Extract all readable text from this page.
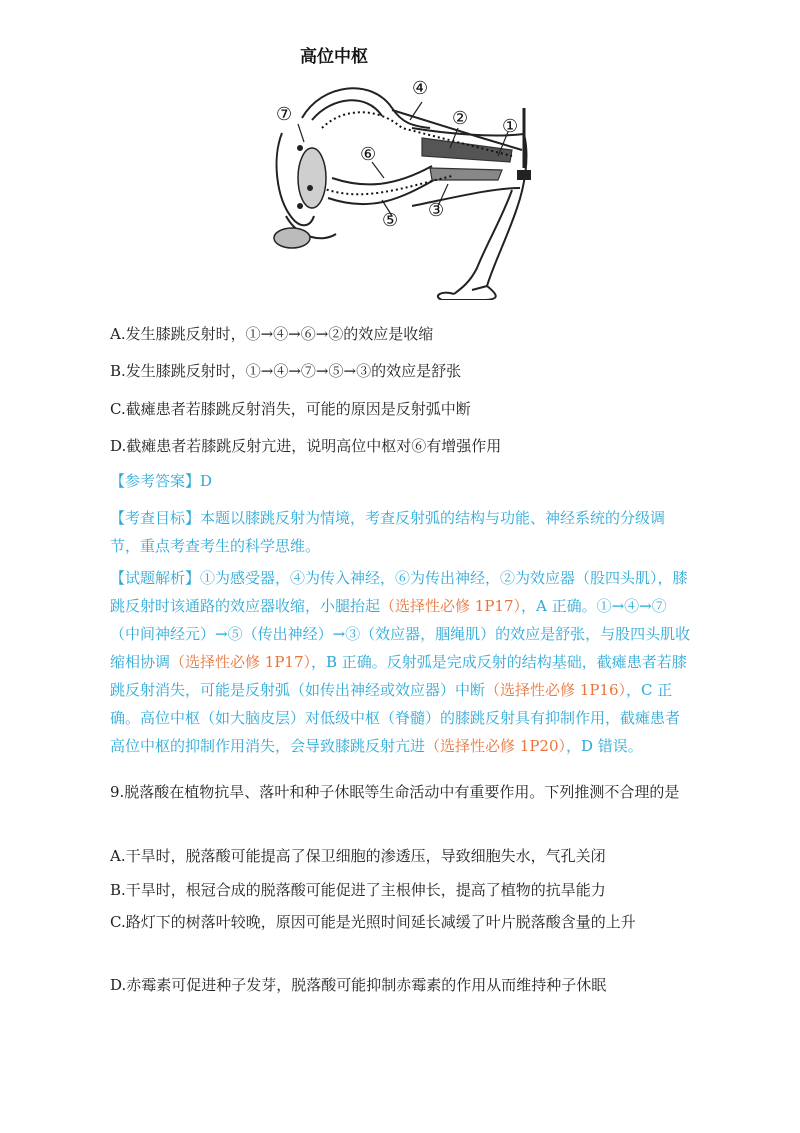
高位中枢
④
② ①
⑦
⑥
⑤ ③
A.发生膝跳反射时，①→④→⑥→②的效应是收缩
B.发生膝跳反射时，①→④→⑦→⑤→③的效应是舒张
C.截瘫患者若膝跳反射消失，可能的原因是反射弧中断
D.截瘫患者若膝跳反射亢进，说明高位中枢对⑥有增强作用
【参考答案】D
【考查目标】本题以膝跳反射为情境，考查反射弧的结构与功能、神经系统的分级调节，重点考查考生的科学思维。
【试题解析】①为感受器，④为传入神经，⑥为传出神经，②为效应器（股四头肌），膝跳反射时该通路的效应器收缩，小腿抬起（选择性必修 1P17），A 正确。①→④→⑦（中间神经元）→⑤（传出神经）→③（效应器，腘绳肌）的效应是舒张，与股四头肌收缩相协调（选择性必修 1P17），B 正确。反射弧是完成反射的结构基础，截瘫患者若膝跳反射消失，可能是反射弧（如传出神经或效应器）中断（选择性必修 1P16），C 正确。高位中枢（如大脑皮层）对低级中枢（脊髓）的膝跳反射具有抑制作用，截瘫患者高位中枢的抑制作用消失，会导致膝跳反射亢进（选择性必修 1P20），D 错误。
9.脱落酸在植物抗旱、落叶和种子休眠等生命活动中有重要作用。下列推测不合理的是
A.干旱时，脱落酸可能提高了保卫细胞的渗透压，导致细胞失水，气孔关闭
B.干旱时，根冠合成的脱落酸可能促进了主根伸长，提高了植物的抗旱能力
C.路灯下的树落叶较晚，原因可能是光照时间延长减缓了叶片脱落酸含量的上升
D.赤霉素可促进种子发芽，脱落酸可能抑制赤霉素的作用从而维持种子休眠
